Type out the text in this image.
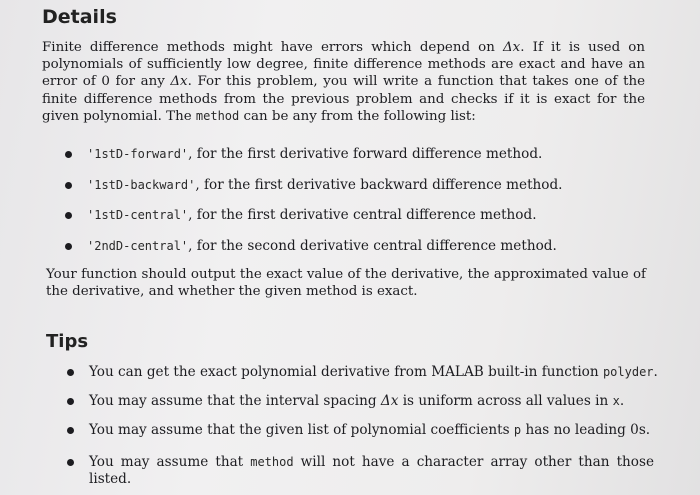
Details

Finite difference methods might have errors which depend on Δx. If it is used on polynomials of sufficiently low degree, finite difference methods are exact and have an error of 0 for any Δx. For this problem, you will write a function that takes one of the finite difference methods from the previous problem and checks if it is exact for the given polynomial. The method can be any from the following list:

'1stD-forward', for the first derivative forward difference method.
'1stD-backward', for the first derivative backward difference method.
'1stD-central', for the first derivative central difference method.
'2ndD-central', for the second derivative central difference method.

Your function should output the exact value of the derivative, the approximated value of the derivative, and whether the given method is exact.

Tips
You can get the exact polynomial derivative from MALAB built-in function polyder.
You may assume that the interval spacing Δx is uniform across all values in x.
You may assume that the given list of polynomial coefficients p has no leading 0s.
You may assume that method will not have a character array other than those listed.
